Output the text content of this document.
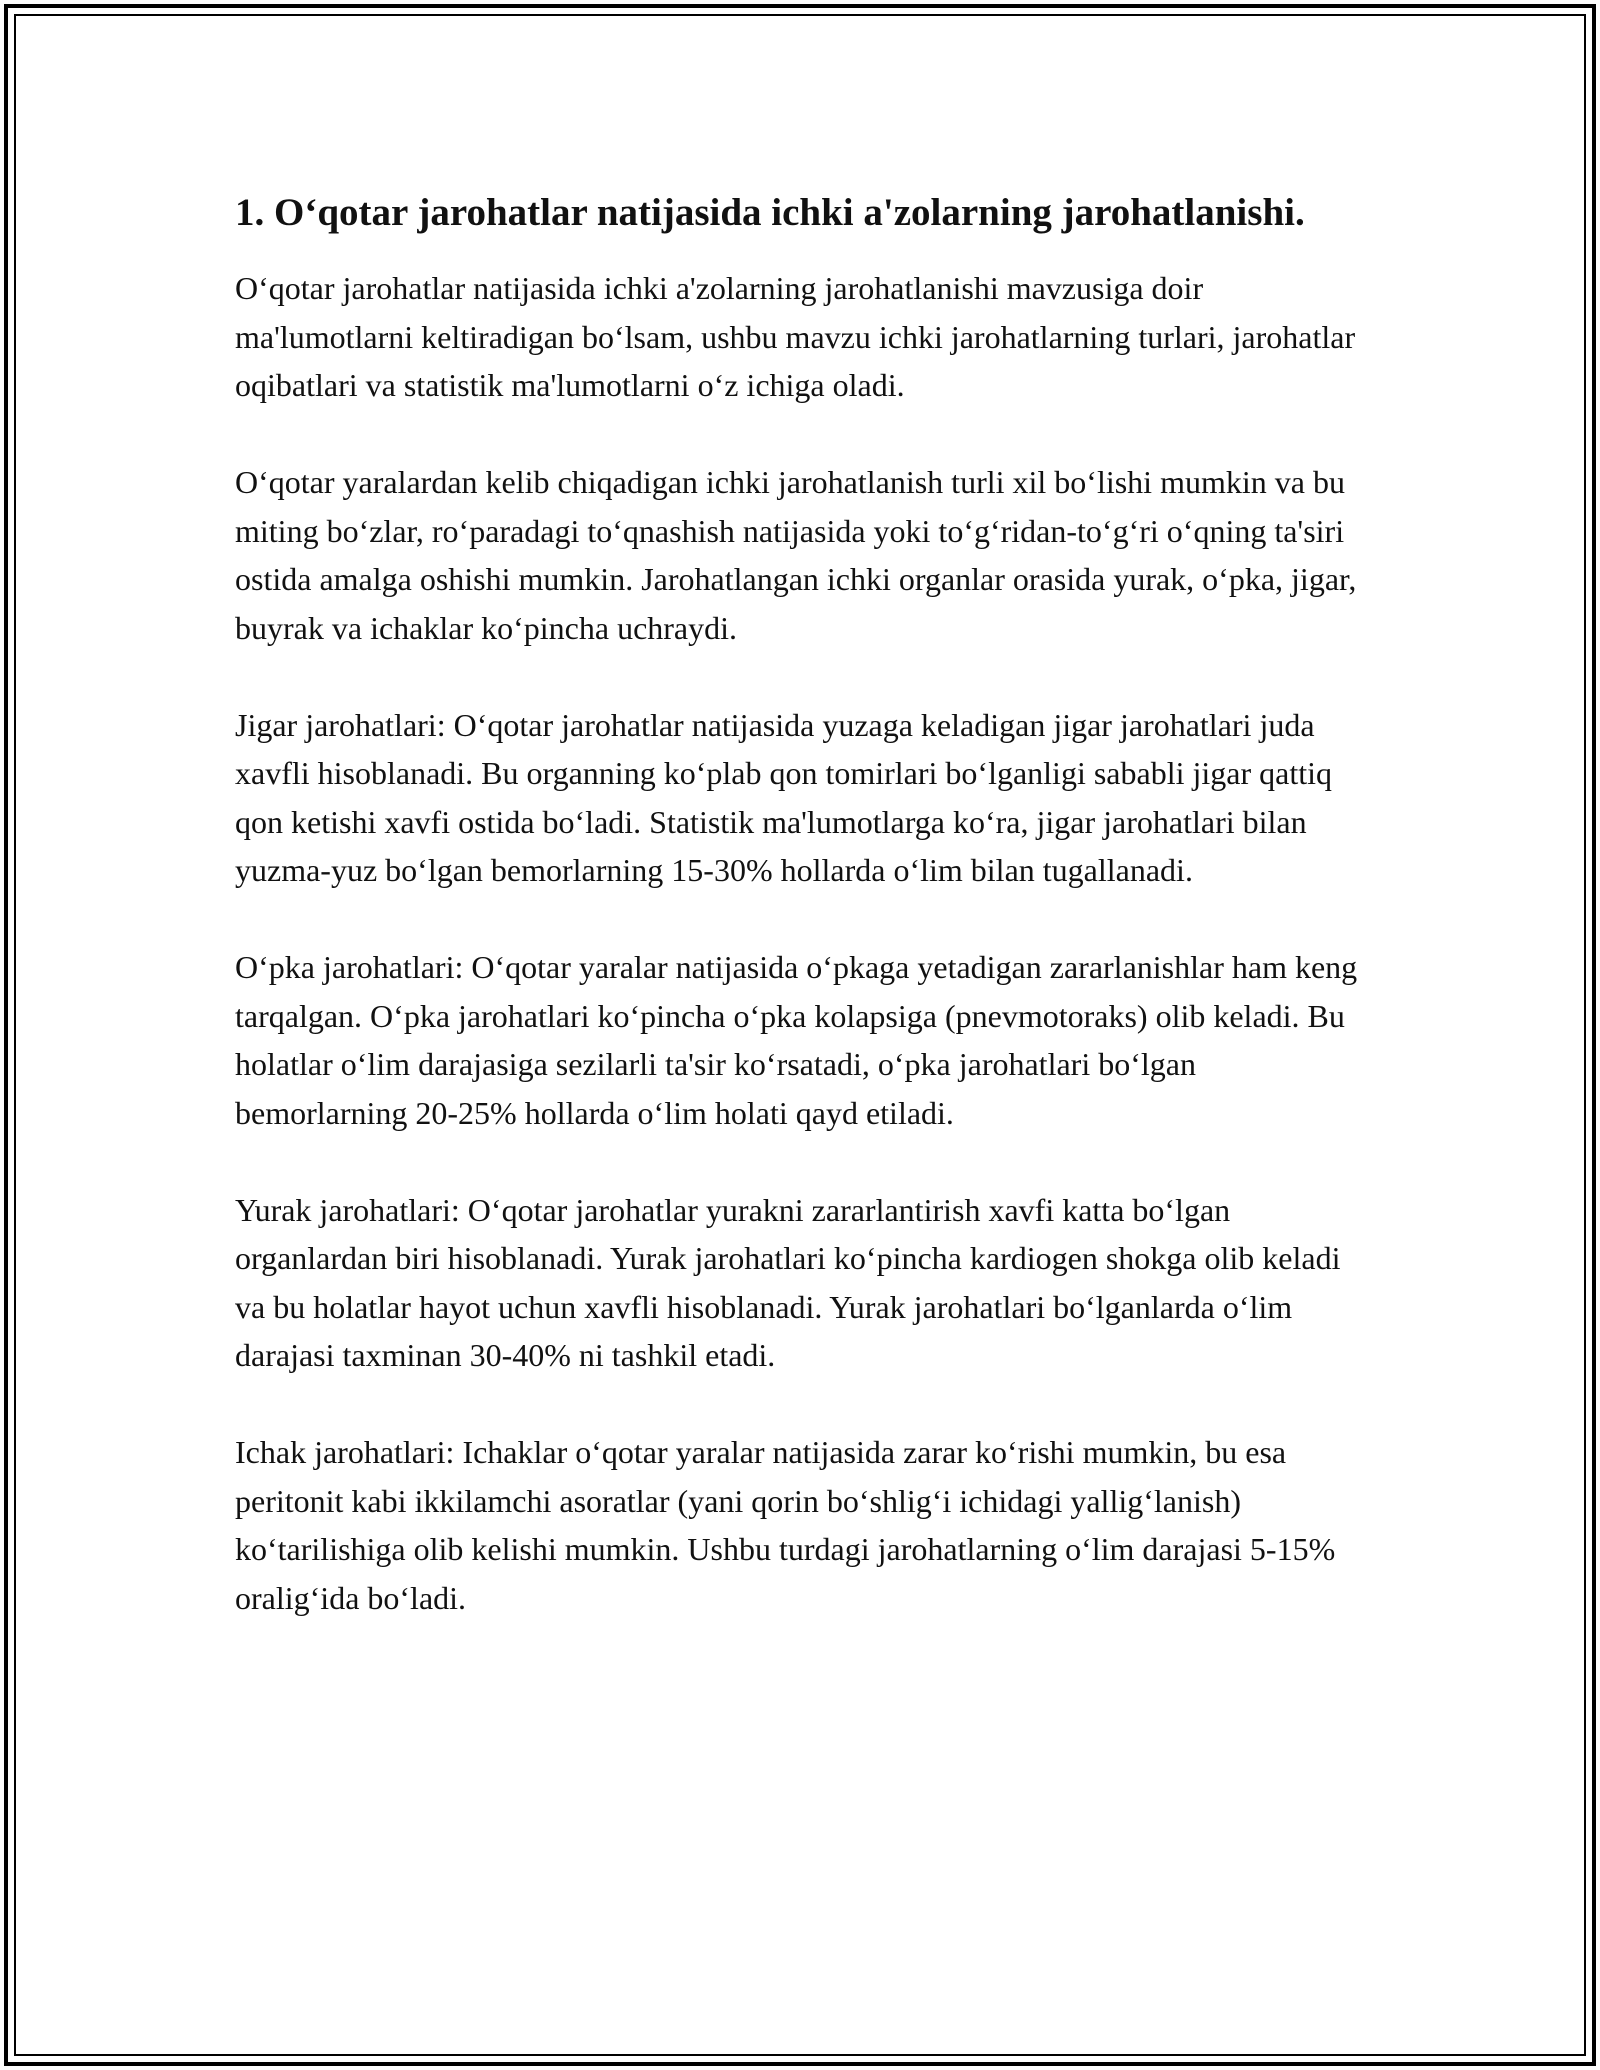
1. O‘qotar jarohatlar natijasida ichki a'zolarning jarohatlanishi.

O‘qotar jarohatlar natijasida ichki a'zolarning jarohatlanishi mavzusiga doir ma'lumotlarni keltiradigan bo‘lsam, ushbu mavzu ichki jarohatlarning turlari, jarohatlar oqibatlari va statistik ma'lumotlarni o‘z ichiga oladi.

O‘qotar yaralardan kelib chiqadigan ichki jarohatlanish turli xil bo‘lishi mumkin va bu miting bo‘zlar, ro‘paradagi to‘qnashish natijasida yoki to‘g‘ridan-to‘g‘ri o‘qning ta'siri ostida amalga oshishi mumkin. Jarohatlangan ichki organlar orasida yurak, o‘pka, jigar, buyrak va ichaklar ko‘pincha uchraydi.

Jigar jarohatlari: O‘qotar jarohatlar natijasida yuzaga keladigan jigar jarohatlari juda xavfli hisoblanadi. Bu organning ko‘plab qon tomirlari bo‘lganligi sababli jigar qattiq qon ketishi xavfi ostida bo‘ladi. Statistik ma'lumotlarga ko‘ra, jigar jarohatlari bilan yuzma-yuz bo‘lgan bemorlarning 15-30% hollarda o‘lim bilan tugallanadi.

O‘pka jarohatlari: O‘qotar yaralar natijasida o‘pkaga yetadigan zararlanishlar ham keng tarqalgan. O‘pka jarohatlari ko‘pincha o‘pka kolapsiga (pnevmotoraks) olib keladi. Bu holatlar o‘lim darajasiga sezilarli ta'sir ko‘rsatadi, o‘pka jarohatlari bo‘lgan bemorlarning 20-25% hollarda o‘lim holati qayd etiladi.

Yurak jarohatlari: O‘qotar jarohatlar yurakni zararlantirish xavfi katta bo‘lgan organlardan biri hisoblanadi. Yurak jarohatlari ko‘pincha kardiogen shokga olib keladi va bu holatlar hayot uchun xavfli hisoblanadi. Yurak jarohatlari bo‘lganlarda o‘lim darajasi taxminan 30-40% ni tashkil etadi.

Ichak jarohatlari: Ichaklar o‘qotar yaralar natijasida zarar ko‘rishi mumkin, bu esa peritonit kabi ikkilamchi asoratlar (yani qorin bo‘shlig‘i ichidagi yallig‘lanish) ko‘tarilishiga olib kelishi mumkin. Ushbu turdagi jarohatlarning o‘lim darajasi 5-15% oralig‘ida bo‘ladi.
